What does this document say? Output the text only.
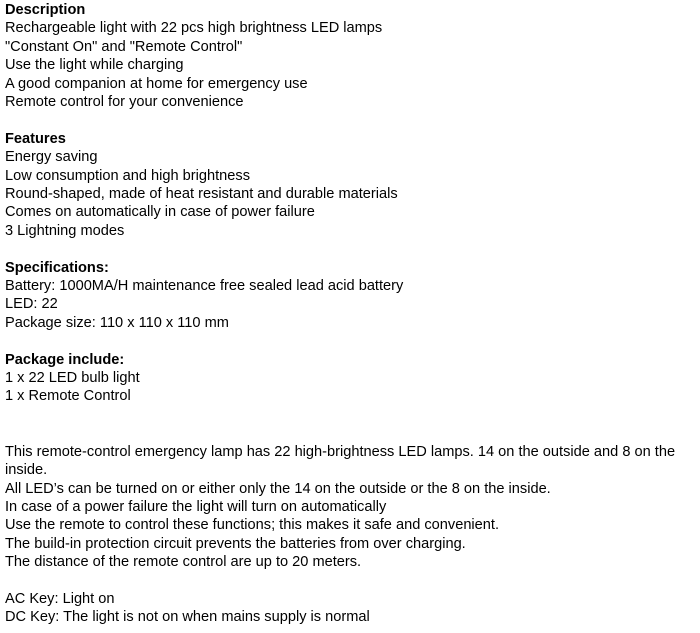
Description
Rechargeable light with 22 pcs high brightness LED lamps
"Constant On" and "Remote Control"
Use the light while charging
A good companion at home for emergency use
Remote control for your convenience
Features
Energy saving
Low consumption and high brightness
Round-shaped, made of heat resistant and durable materials
Comes on automatically in case of power failure
3 Lightning modes
Specifications:
Battery: 1000MA/H maintenance free sealed lead acid battery
LED: 22
Package size: 110 x 110 x 110 mm
Package include:
1 x 22 LED bulb light
1 x Remote Control
This remote-control emergency lamp has 22 high-brightness LED lamps. 14 on the outside and 8 on the inside.
All LED’s can be turned on or either only the 14 on the outside or the 8 on the inside.
In case of a power failure the light will turn on automatically
Use the remote to control these functions; this makes it safe and convenient.
The build-in protection circuit prevents the batteries from over charging.
The distance of the remote control are up to 20 meters.
AC Key: Light on
DC Key: The light is not on when mains supply is normal
